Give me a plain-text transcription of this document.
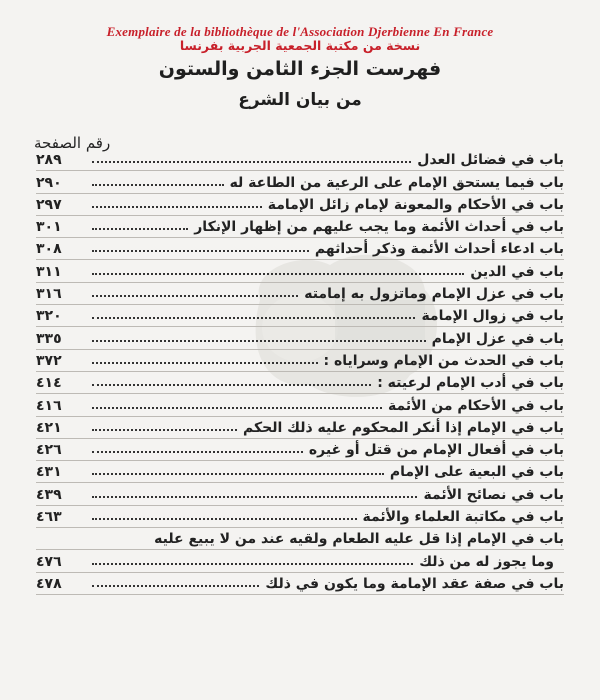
Exemplaire de la bibliothèque de l'Association Djerbienne En France
نسخة من مكتبة الجمعية الجربية بفرنسا
فهرست الجزء الثامن والستون
من بيان الشرع
رقم الصفحة
باب في فضائل العدل
٢٨٩
باب فيما يستحق الإمام على الرعية من الطاعة له
٢٩٠
باب في الأحكام والمعونة لإمام زائل الإمامة
٢٩٧
باب في أحداث الأئمة وما يجب عليهم من إظهار الإنكار
٣٠١
باب ادعاء أحداث الأئمة وذكر أحداثهم
٣٠٨
باب في الدين
٣١١
باب في عزل الإمام وماتزول به إمامته
٣١٦
باب في زوال الإمامة
٣٢٠
باب في عزل الإمام
٣٣٥
باب في الحدث من الإمام وسراياه :
٣٧٢
باب في أدب الإمام لرعيته :
٤١٤
باب في الأحكام من الأئمة
٤١٦
باب في الإمام إذا أنكر المحكوم عليه ذلك الحكم
٤٢١
باب في أفعال الإمام من قتل أو غيره
٤٢٦
باب في البعية على الإمام
٤٣١
باب في نصائح الأئمة
٤٣٩
باب في مكاتبة العلماء والأئمة
٤٦٣
باب في الإمام إذا قل عليه الطعام ولقيه عند من لا يبيع عليه
وما يجوز له من ذلك
٤٧٦
باب في صفة عقد الإمامة وما يكون في ذلك
٤٧٨
